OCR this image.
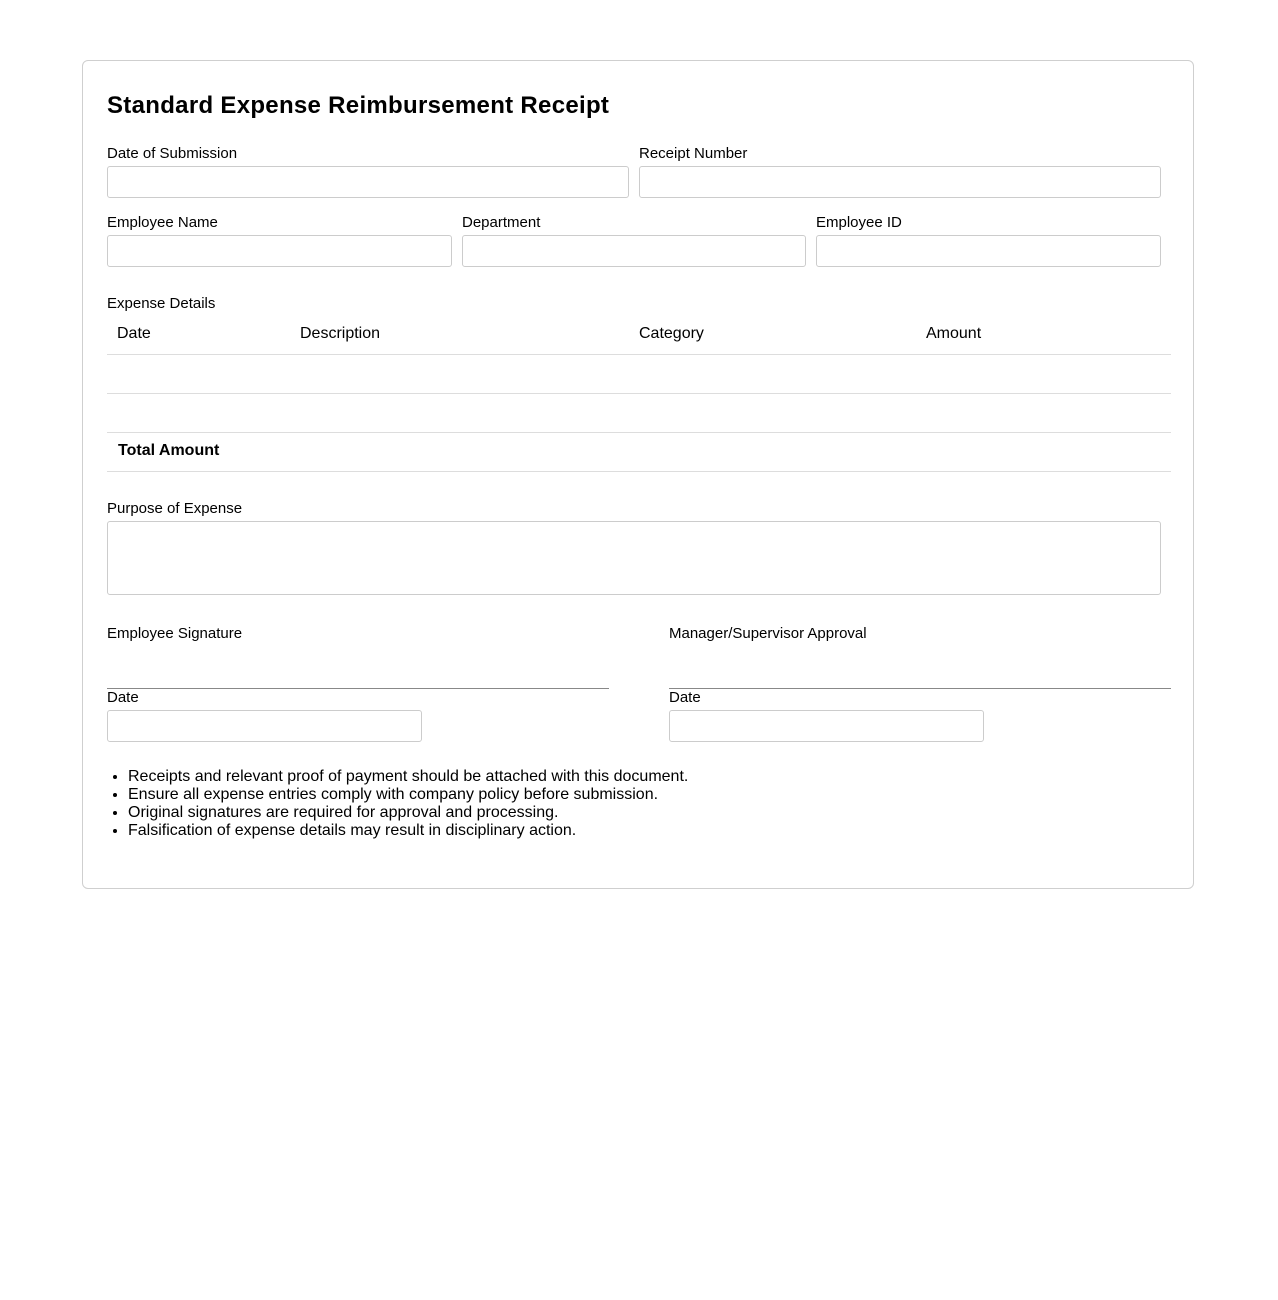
Standard Expense Reimbursement Receipt
Date of Submission	Receipt Number
Employee Name	Department	Employee ID
Expense Details
Date	Description	Category	Amount
Total Amount
Purpose of Expense
Employee Signature
Date
Manager/Supervisor Approval
Date
• Receipts and relevant proof of payment should be attached with this document.
• Ensure all expense entries comply with company policy before submission.
• Original signatures are required for approval and processing.
• Falsification of expense details may result in disciplinary action.
